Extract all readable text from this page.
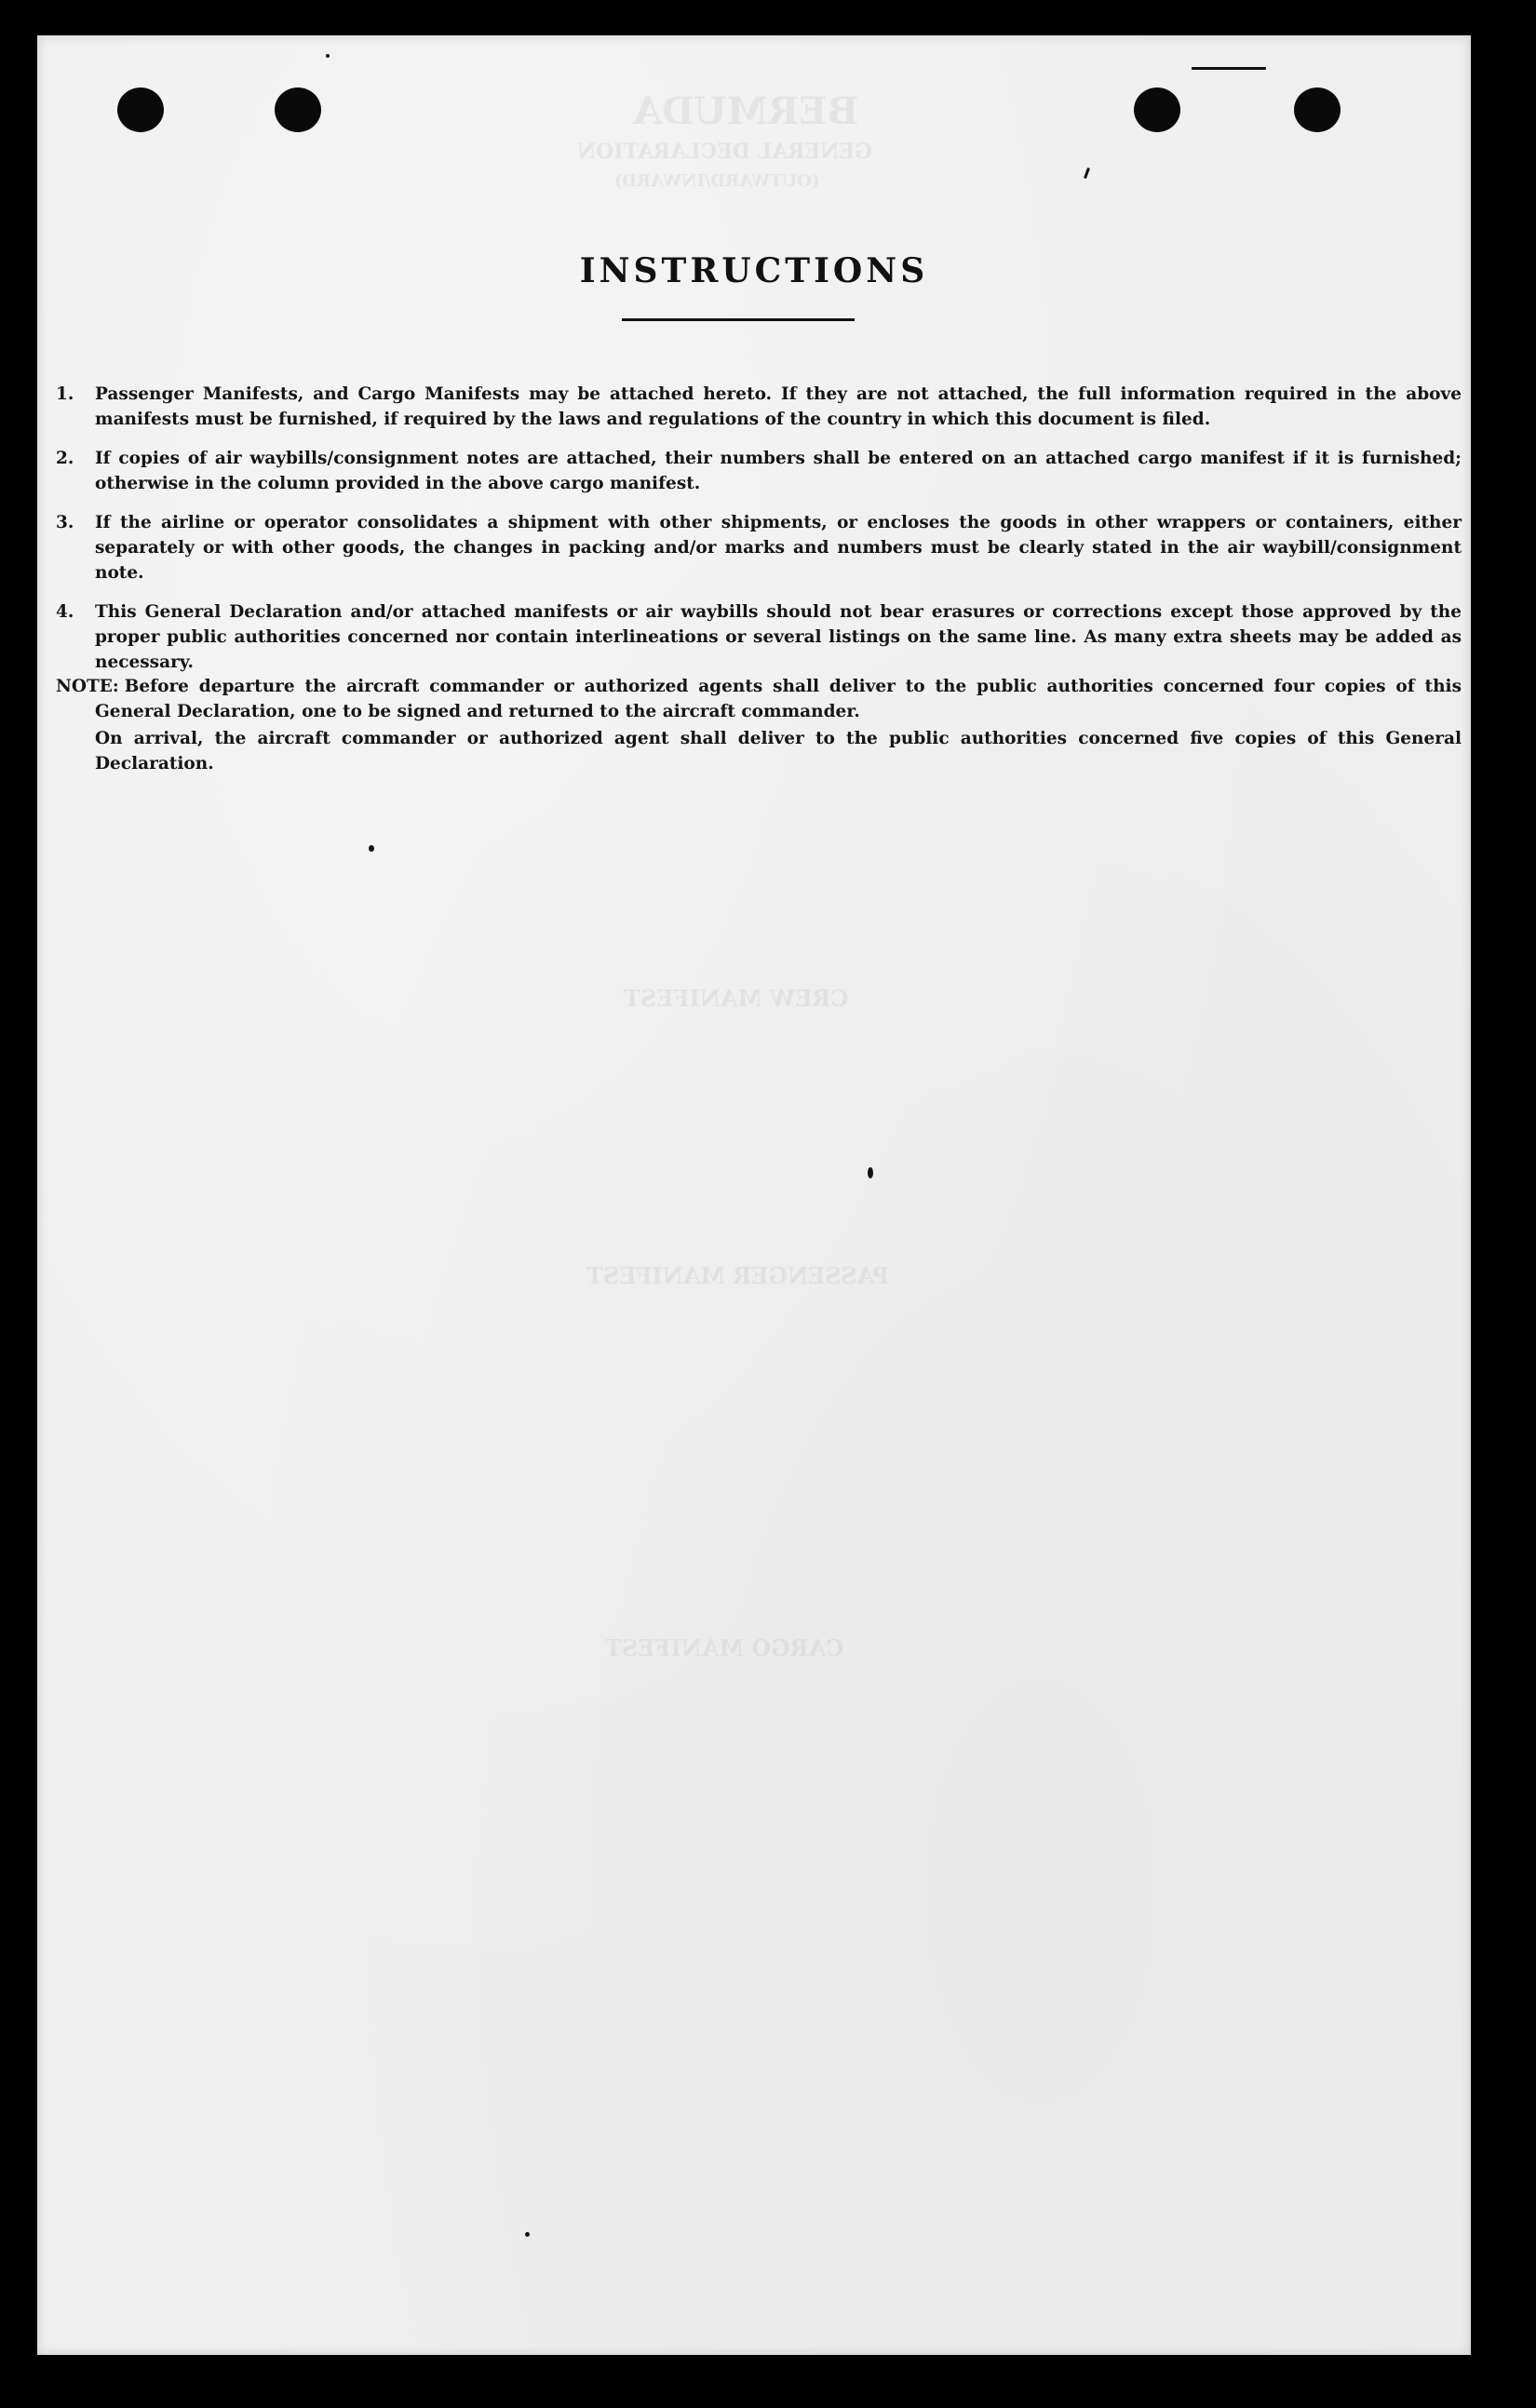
BERMUDA
GENERAL DECLARATION
(OUTWARD/INWARD)
CREW MANIFEST
PASSENGER MANIFEST
CARGO MANIFEST
INSTRUCTIONS
1. Passenger Manifests, and Cargo Manifests may be attached hereto. If they are not attached, the full information required in the above manifests must be furnished, if required by the laws and regulations of the country in which this document is filed.
2. If copies of air waybills/consignment notes are attached, their numbers shall be entered on an attached cargo manifest if it is furnished; otherwise in the column provided in the above cargo manifest.
3. If the airline or operator consolidates a shipment with other shipments, or encloses the goods in other wrappers or containers, either separately or with other goods, the changes in packing and/or marks and numbers must be clearly stated in the air waybill/consignment note.
4. This General Declaration and/or attached manifests or air waybills should not bear erasures or corrections except those approved by the proper public authorities concerned nor contain interlineations or several listings on the same line. As many extra sheets may be added as necessary.

NOTE: Before departure the aircraft commander or authorized agents shall deliver to the public authorities concerned four copies of this General Declaration, one to be signed and returned to the aircraft commander.

On arrival, the aircraft commander or authorized agent shall deliver to the public authorities concerned five copies of this General Declaration.
